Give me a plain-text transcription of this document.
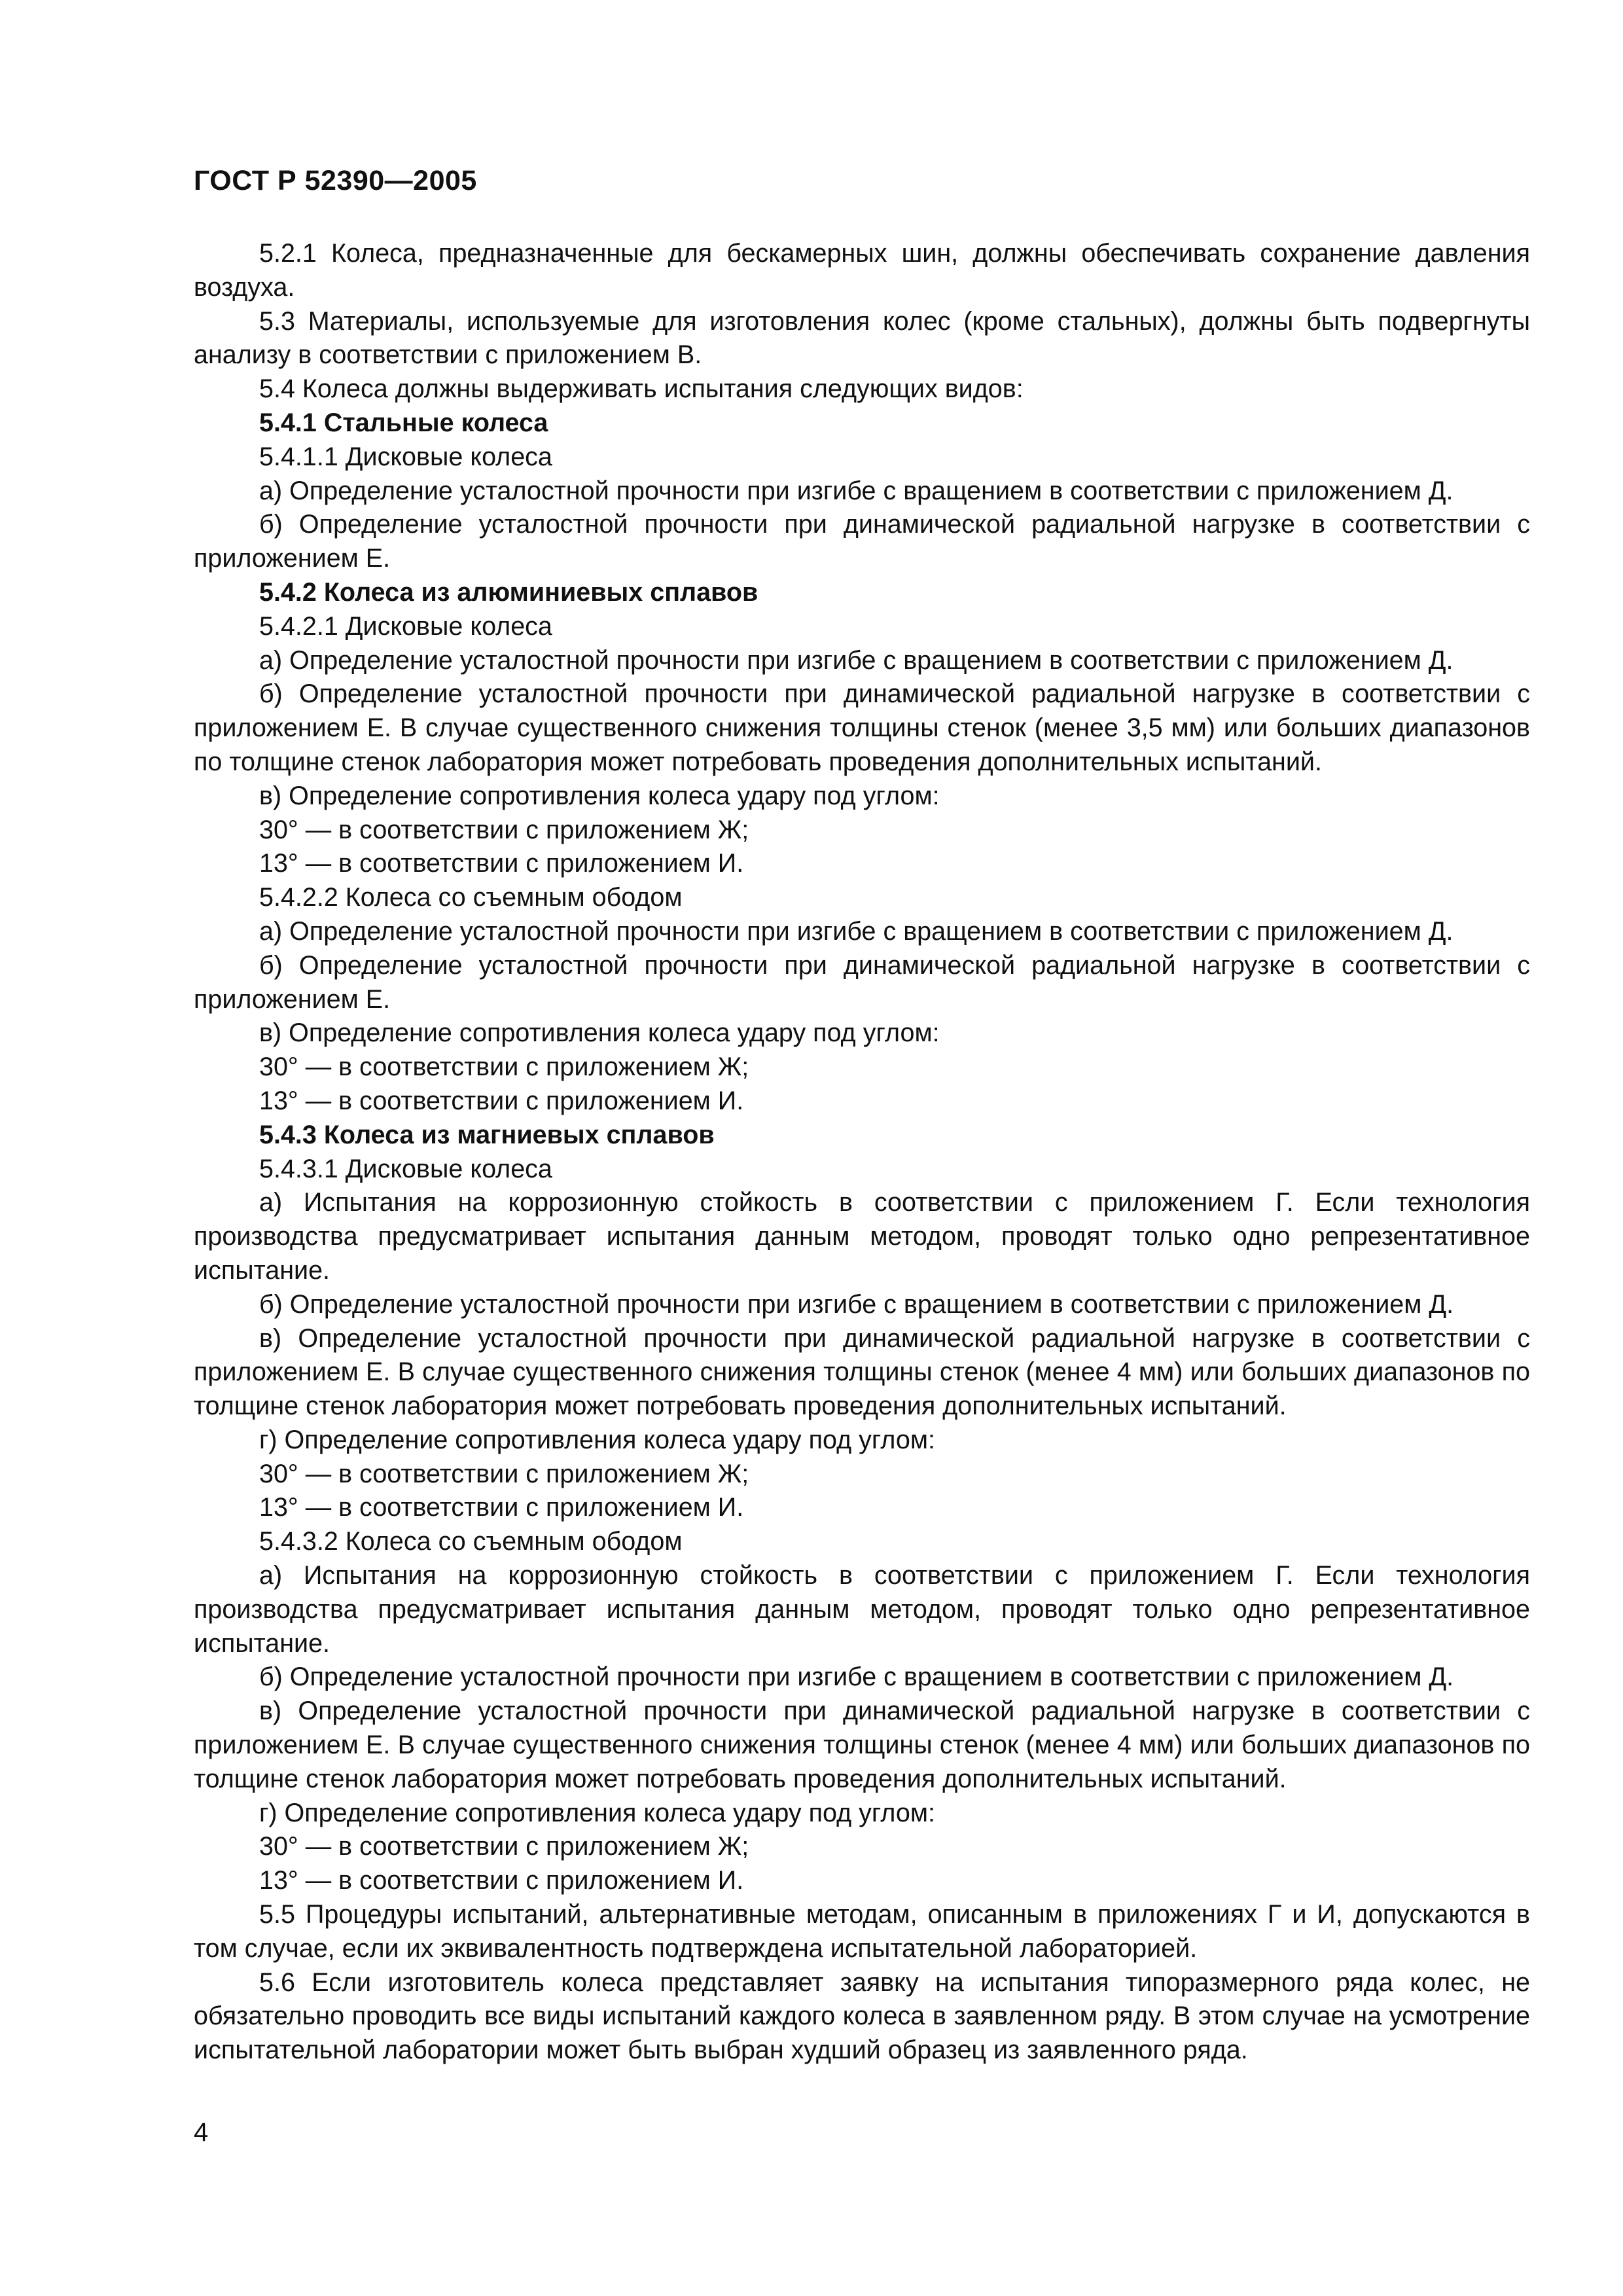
ГОСТ Р 52390—2005

5.2.1 Колеса, предназначенные для бескамерных шин, должны обеспечивать сохранение давления воздуха.

5.3 Материалы, используемые для изготовления колес (кроме стальных), должны быть подвергнуты анализу в соответствии с приложением В.

5.4 Колеса должны выдерживать испытания следующих видов:

5.4.1 Стальные колеса

5.4.1.1 Дисковые колеса

а) Определение усталостной прочности при изгибе с вращением в соответствии с приложением Д.

б) Определение усталостной прочности при динамической радиальной нагрузке в соответствии с приложением Е.

5.4.2 Колеса из алюминиевых сплавов

5.4.2.1 Дисковые колеса

а) Определение усталостной прочности при изгибе с вращением в соответствии с приложением Д.

б) Определение усталостной прочности при динамической радиальной нагрузке в соответствии с приложением Е. В случае существенного снижения толщины стенок (менее 3,5 мм) или больших диапазонов по толщине стенок лаборатория может потребовать проведения дополнительных испытаний.

в) Определение сопротивления колеса удару под углом:

30° — в соответствии с приложением Ж;

13° — в соответствии с приложением И.

5.4.2.2 Колеса со съемным ободом

а) Определение усталостной прочности при изгибе с вращением в соответствии с приложением Д.

б) Определение усталостной прочности при динамической радиальной нагрузке в соответствии с приложением Е.

в) Определение сопротивления колеса удару под углом:

30° — в соответствии с приложением Ж;

13° — в соответствии с приложением И.

5.4.3 Колеса из магниевых сплавов

5.4.3.1 Дисковые колеса

а) Испытания на коррозионную стойкость в соответствии с приложением Г. Если технология производства предусматривает испытания данным методом, проводят только одно репрезентативное испытание.

б) Определение усталостной прочности при изгибе с вращением в соответствии с приложением Д.

в) Определение усталостной прочности при динамической радиальной нагрузке в соответствии с приложением Е. В случае существенного снижения толщины стенок (менее 4 мм) или больших диапазонов по толщине стенок лаборатория может потребовать проведения дополнительных испытаний.

г) Определение сопротивления колеса удару под углом:

30° — в соответствии с приложением Ж;

13° — в соответствии с приложением И.

5.4.3.2 Колеса со съемным ободом

а) Испытания на коррозионную стойкость в соответствии с приложением Г. Если технология производства предусматривает испытания данным методом, проводят только одно репрезентативное испытание.

б) Определение усталостной прочности при изгибе с вращением в соответствии с приложением Д.

в) Определение усталостной прочности при динамической радиальной нагрузке в соответствии с приложением Е. В случае существенного снижения толщины стенок (менее 4 мм) или больших диапазонов по толщине стенок лаборатория может потребовать проведения дополнительных испытаний.

г) Определение сопротивления колеса удару под углом:

30° — в соответствии с приложением Ж;

13° — в соответствии с приложением И.

5.5 Процедуры испытаний, альтернативные методам, описанным в приложениях Г и И, допускаются в том случае, если их эквивалентность подтверждена испытательной лабораторией.

5.6 Если изготовитель колеса представляет заявку на испытания типоразмерного ряда колес, не обязательно проводить все виды испытаний каждого колеса в заявленном ряду. В этом случае на усмотрение испытательной лаборатории может быть выбран худший образец из заявленного ряда.

4
